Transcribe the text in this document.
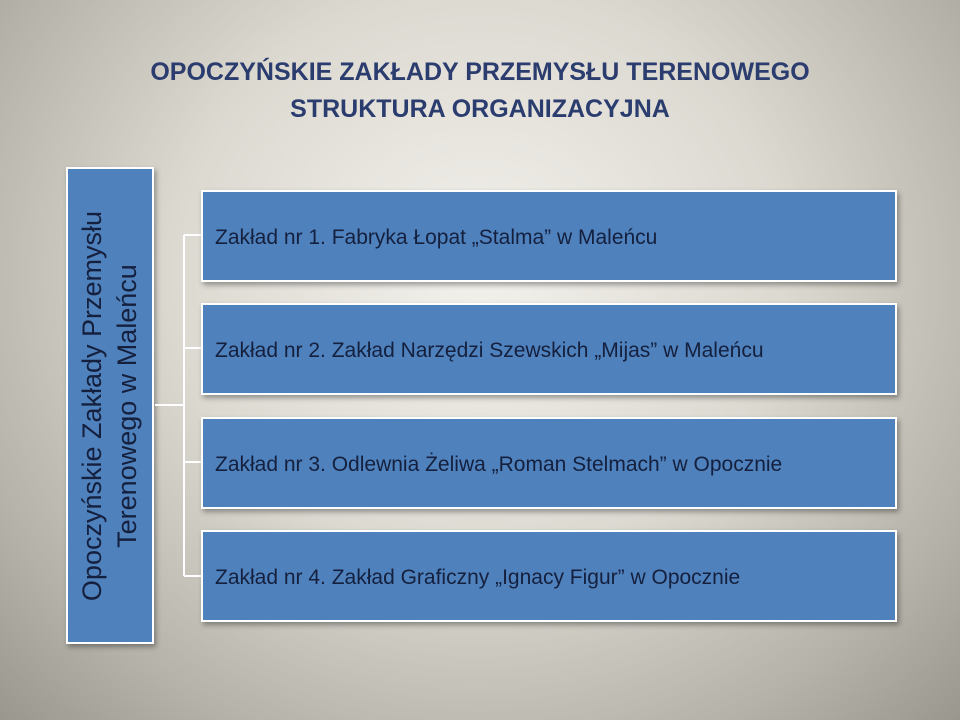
OPOCZYŃSKIE ZAKŁADY PRZEMYSŁU TERENOWEGO
STRUKTURA ORGANIZACYJNA
Opoczyńskie Zakłady Przemysłu Terenowego w Maleńcu
Zakład nr 1. Fabryka Łopat „Stalma” w Maleńcu
Zakład nr 2. Zakład Narzędzi Szewskich „Mijas” w Maleńcu
Zakład nr 3. Odlewnia Żeliwa „Roman Stelmach” w Opocznie
Zakład nr 4. Zakład Graficzny „Ignacy Figur” w Opocznie
